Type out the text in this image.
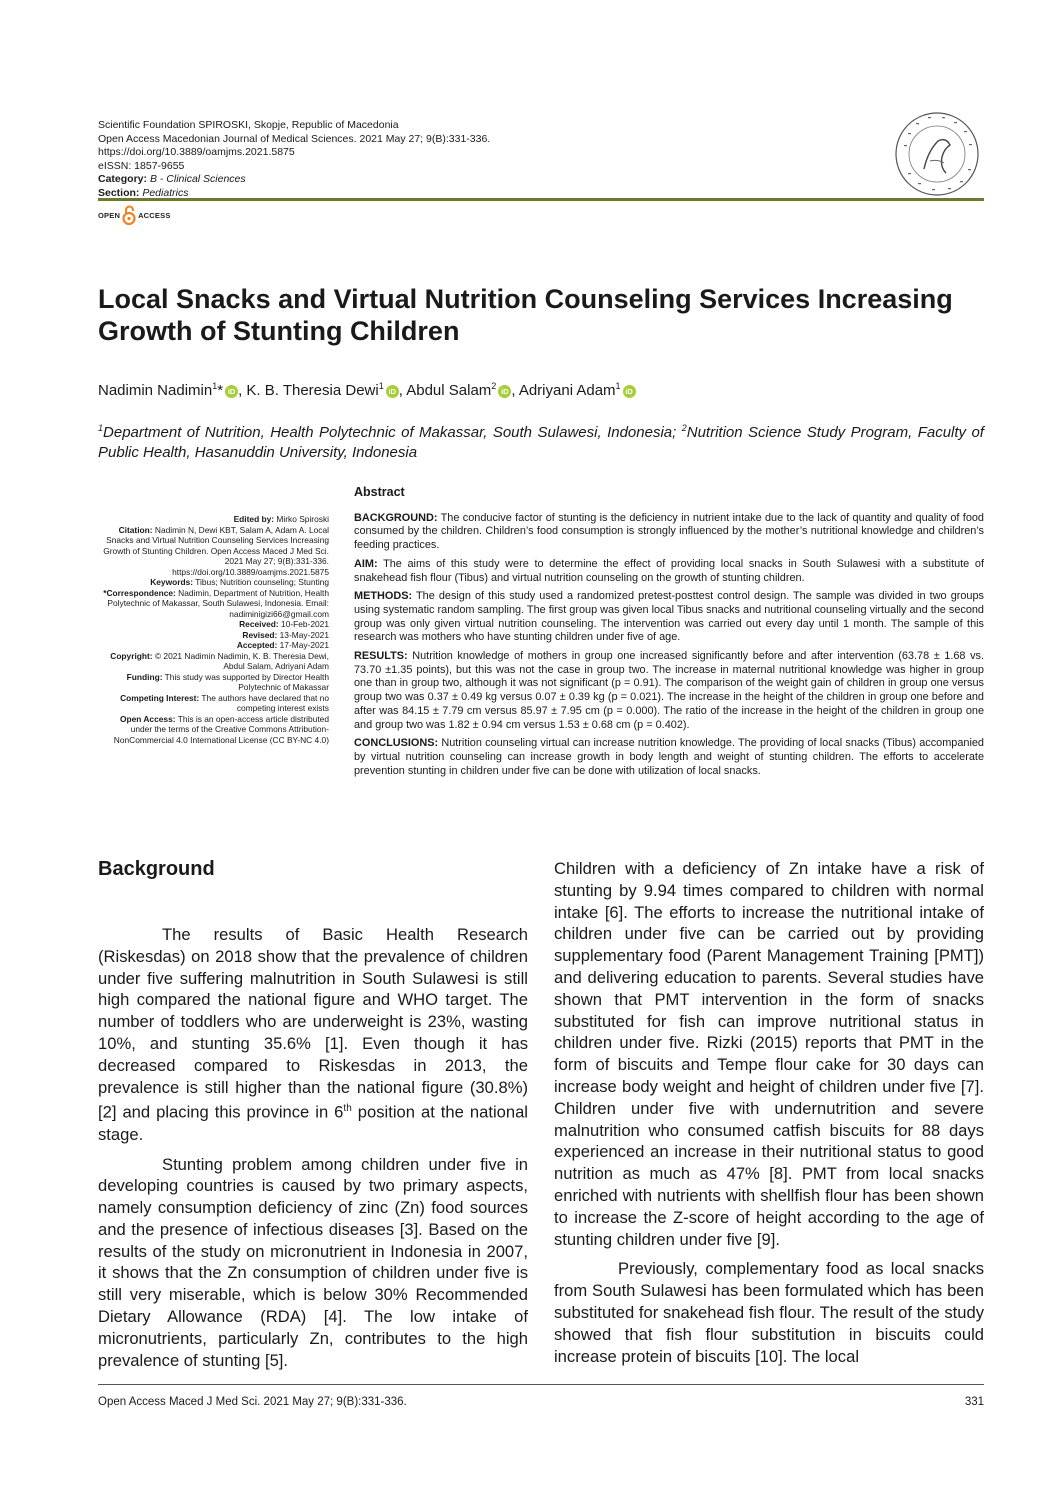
Scientific Foundation SPIROSKI, Skopje, Republic of Macedonia
Open Access Macedonian Journal of Medical Sciences. 2021 May 27; 9(B):331-336.
https://doi.org/10.3889/oamjms.2021.5875
eISSN: 1857-9655
Category: B - Clinical Sciences
Section: Pediatrics
OPEN ACCESS
Local Snacks and Virtual Nutrition Counseling Services Increasing Growth of Stunting Children
Nadimin Nadimin$^1$* iD , K. B. Theresia Dewi$^1$iD , Abdul Salam$^2$iD , Adriyani Adam$^1$iD
$^1$Department of Nutrition, Health Polytechnic of Makassar, South Sulawesi, Indonesia; $^2$Nutrition Science Study Program, Faculty of Public Health, Hasanuddin University, Indonesia

Edited by: Mirko Spiroski

Citation: Nadimin N, Dewi KBT, Salam A, Adam A. Local Snacks and Virtual Nutrition Counseling Services Increasing Growth of Stunting Children. Open Access Maced J Med Sci. 2021 May 27; 9(B):331-336. https://doi.org/10.3889/oamjms.2021.5875

Keywords: Tibus; Nutrition counseling; Stunting

*Correspondence: Nadimin, Department of Nutrition, Health Polytechnic of Makassar, South Sulawesi, Indonesia. Email: nadiminigizi66@gmail.com

Received: 10-Feb-2021

Revised: 13-May-2021

Accepted: 17-May-2021

Copyright: © 2021 Nadimin Nadimin, K. B. Theresia Dewi, Abdul Salam, Adriyani Adam

Funding: This study was supported by Director Health Polytechnic of Makassar

Competing Interest: The authors have declared that no competing interest exists

Open Access: This is an open-access article distributed under the terms of the Creative Commons Attribution-NonCommercial 4.0 International License (CC BY-NC 4.0)

Abstract

BACKGROUND: The conducive factor of stunting is the deficiency in nutrient intake due to the lack of quantity and quality of food consumed by the children. Children’s food consumption is strongly influenced by the mother’s nutritional knowledge and children’s feeding practices.

AIM: The aims of this study were to determine the effect of providing local snacks in South Sulawesi with a substitute of snakehead fish flour (Tibus) and virtual nutrition counseling on the growth of stunting children.

METHODS: The design of this study used a randomized pretest-posttest control design. The sample was divided in two groups using systematic random sampling. The first group was given local Tibus snacks and nutritional counseling virtually and the second group was only given virtual nutrition counseling. The intervention was carried out every day until 1 month. The sample of this research was mothers who have stunting children under five of age.

RESULTS: Nutrition knowledge of mothers in group one increased significantly before and after intervention (63.78 ± 1.68 vs. 73.70 ±1.35 points), but this was not the case in group two. The increase in maternal nutritional knowledge was higher in group one than in group two, although it was not significant (p = 0.91). The comparison of the weight gain of children in group one versus group two was 0.37 ± 0.49 kg versus 0.07 ± 0.39 kg (p = 0.021). The increase in the height of the children in group one before and after was 84.15 ± 7.79 cm versus 85.97 ± 7.95 cm (p = 0.000). The ratio of the increase in the height of the children in group one and group two was 1.82 ± 0.94 cm versus 1.53 ± 0.68 cm (p = 0.402).

CONCLUSIONS: Nutrition counseling virtual can increase nutrition knowledge. The providing of local snacks (Tibus) accompanied by virtual nutrition counseling can increase growth in body length and weight of stunting children. The efforts to accelerate prevention stunting in children under five can be done with utilization of local snacks.

Background

The results of Basic Health Research (Riskesdas) on 2018 show that the prevalence of children under five suffering malnutrition in South Sulawesi is still high compared the national figure and WHO target. The number of toddlers who are underweight is 23%, wasting 10%, and stunting 35.6% [1]. Even though it has decreased compared to Riskesdas in 2013, the prevalence is still higher than the national figure (30.8%) [2] and placing this province in 6th position at the national stage.

Stunting problem among children under five in developing countries is caused by two primary aspects, namely consumption deficiency of zinc (Zn) food sources and the presence of infectious diseases [3]. Based on the results of the study on micronutrient in Indonesia in 2007, it shows that the Zn consumption of children under five is still very miserable, which is below 30% Recommended Dietary Allowance (RDA) [4]. The low intake of micronutrients, particularly Zn, contributes to the high prevalence of stunting [5].

Children with a deficiency of Zn intake have a risk of stunting by 9.94 times compared to children with normal intake [6]. The efforts to increase the nutritional intake of children under five can be carried out by providing supplementary food (Parent Management Training [PMT]) and delivering education to parents. Several studies have shown that PMT intervention in the form of snacks substituted for fish can improve nutritional status in children under five. Rizki (2015) reports that PMT in the form of biscuits and Tempe flour cake for 30 days can increase body weight and height of children under five [7]. Children under five with undernutrition and severe malnutrition who consumed catfish biscuits for 88 days experienced an increase in their nutritional status to good nutrition as much as 47% [8]. PMT from local snacks enriched with nutrients with shellfish flour has been shown to increase the Z-score of height according to the age of stunting children under five [9].

Previously, complementary food as local snacks from South Sulawesi has been formulated which has been substituted for snakehead fish flour. The result of the study showed that fish flour substitution in biscuits could increase protein of biscuits [10]. The local

Open Access Maced J Med Sci. 2021 May 27; 9(B):331-336.	331
